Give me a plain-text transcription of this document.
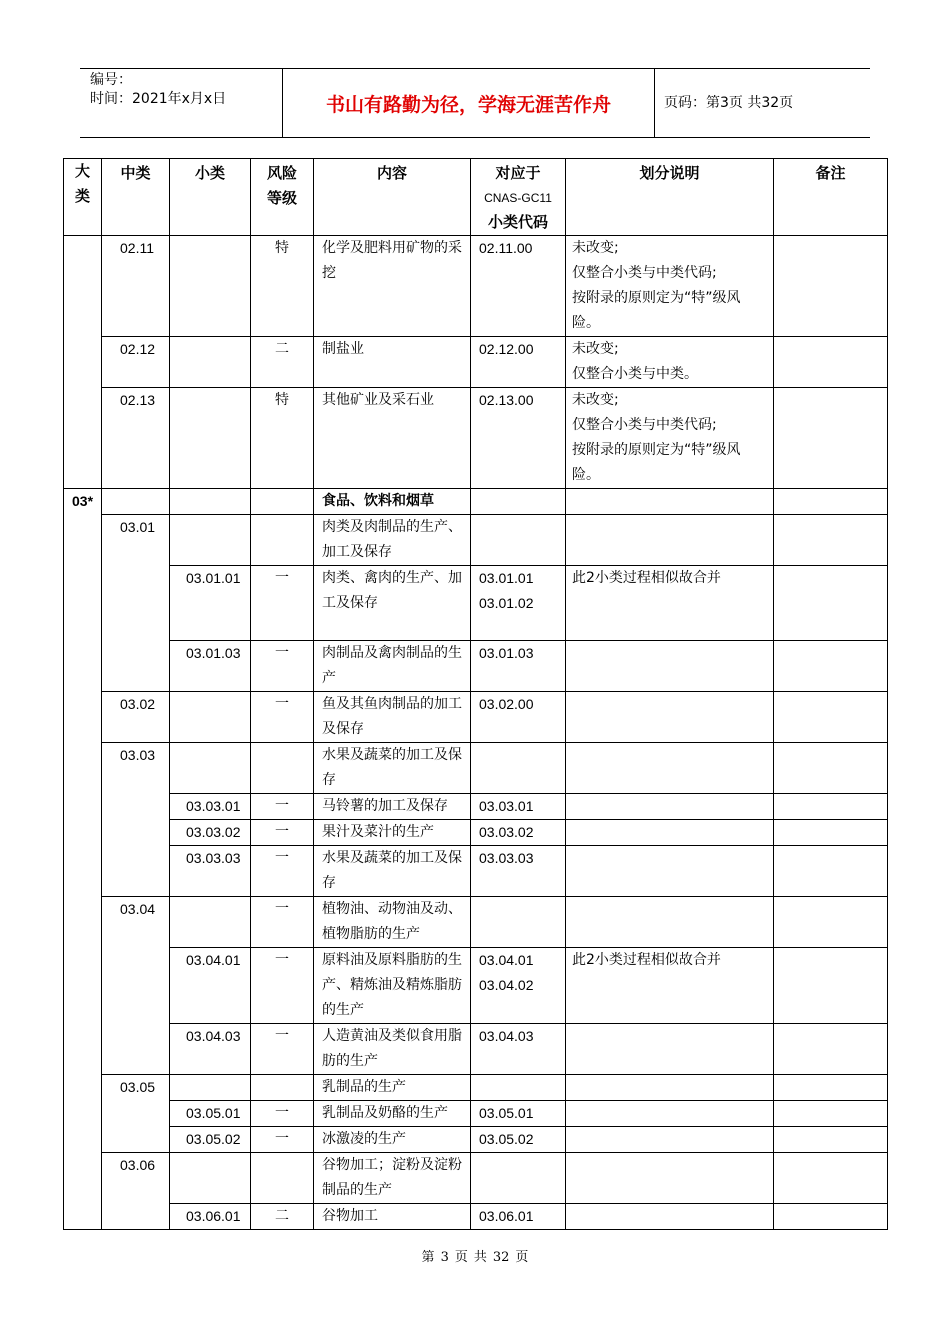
编号：
时间：2021年x月x日	书山有路勤为径，学海无涯苦作舟	页码：第3页 共32页
大类	中类	小类	风险等级	内容	对应于
CNAS-GC11
小类代码	划分说明	备注
	02.11		特	化学及肥料用矿物的采挖	02.11.00	未改变;
仅整合小类与中类代码;
按附录的原则定为“特”级风险。	
	02.12		二	制盐业	02.12.00	未改变;
仅整合小类与中类。	
	02.13		特	其他矿业及采石业	02.13.00	未改变;
仅整合小类与中类代码;
按附录的原则定为“特”级风险。	
03*				食品、饮料和烟草			
	03.01			肉类及肉制品的生产、加工及保存			
		03.01.01	一	肉类、禽肉的生产、加工及保存	03.01.01
03.01.02	此2小类过程相似故合并	
		03.01.03	一	肉制品及禽肉制品的生产	03.01.03		
	03.02		一	鱼及其鱼肉制品的加工及保存	03.02.00		
	03.03			水果及蔬菜的加工及保存			
		03.03.01	一	马铃薯的加工及保存	03.03.01		
		03.03.02	一	果汁及菜汁的生产	03.03.02		
		03.03.03	一	水果及蔬菜的加工及保存	03.03.03		
	03.04		一	植物油、动物油及动、植物脂肪的生产			
		03.04.01	一	原料油及原料脂肪的生产、精炼油及精炼脂肪的生产	03.04.01
03.04.02	此2小类过程相似故合并	
		03.04.03	一	人造黄油及类似食用脂肪的生产	03.04.03		
	03.05			乳制品的生产			
		03.05.01	一	乳制品及奶酪的生产	03.05.01		
		03.05.02	一	冰激凌的生产	03.05.02		
	03.06			谷物加工；淀粉及淀粉制品的生产			
		03.06.01	二	谷物加工	03.06.01		
第 3 页 共 32 页
